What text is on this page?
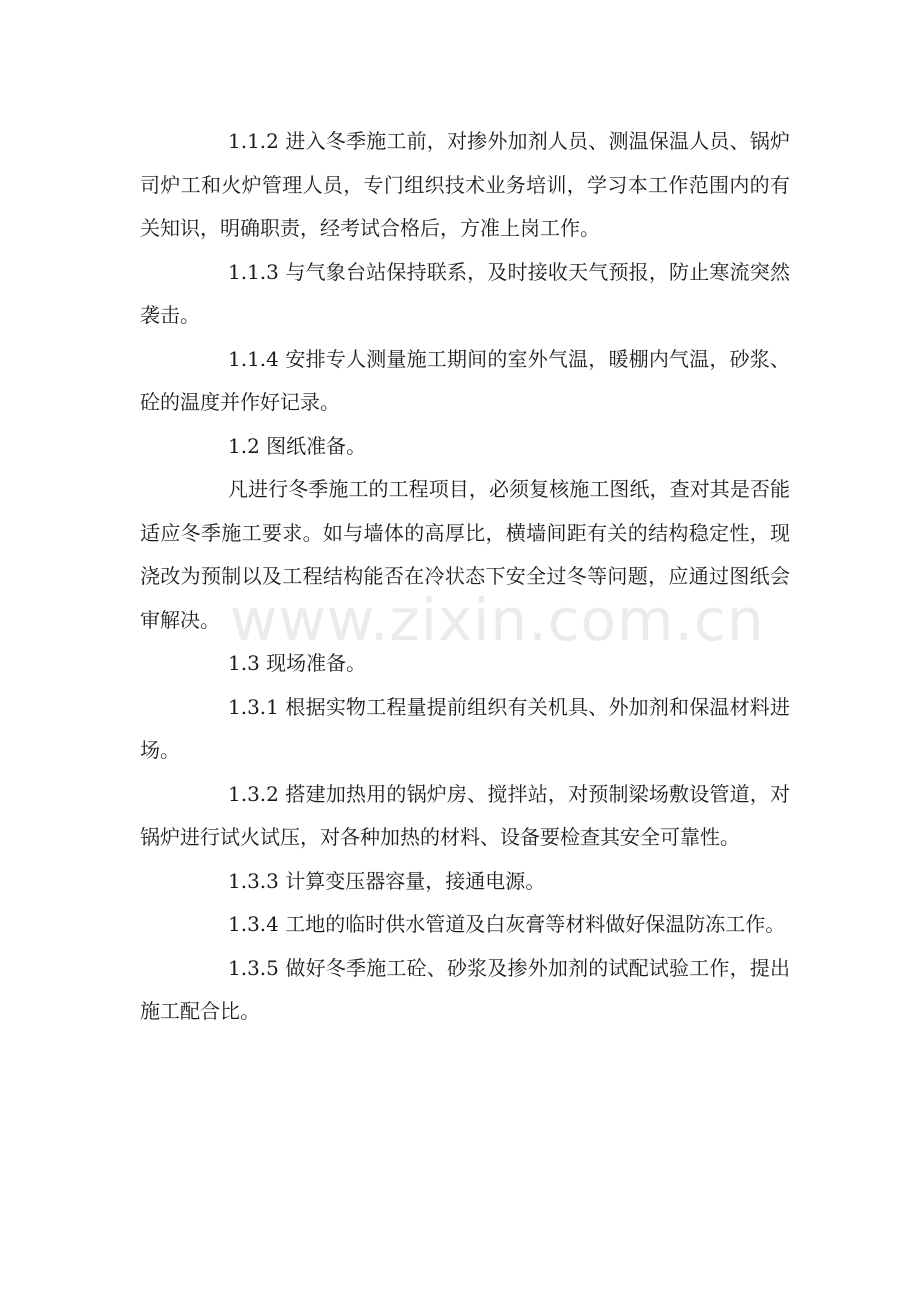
1.1.2 进入冬季施工前，对掺外加剂人员、测温保温人员、锅炉司炉工和火炉管理人员，专门组织技术业务培训，学习本工作范围内的有关知识，明确职责，经考试合格后，方准上岗工作。

1.1.3 与气象台站保持联系，及时接收天气预报，防止寒流突然袭击。

1.1.4 安排专人测量施工期间的室外气温，暖棚内气温，砂浆、砼的温度并作好记录。

1.2 图纸准备。

凡进行冬季施工的工程项目，必须复核施工图纸，查对其是否能适应冬季施工要求。如与墙体的高厚比，横墙间距有关的结构稳定性，现浇改为预制以及工程结构能否在冷状态下安全过冬等问题，应通过图纸会审解决。

1.3 现场准备。

1.3.1 根据实物工程量提前组织有关机具、外加剂和保温材料进场。

1.3.2 搭建加热用的锅炉房、搅拌站，对预制梁场敷设管道，对锅炉进行试火试压，对各种加热的材料、设备要检查其安全可靠性。

1.3.3 计算变压器容量，接通电源。

1.3.4 工地的临时供水管道及白灰膏等材料做好保温防冻工作。

1.3.5 做好冬季施工砼、砂浆及掺外加剂的试配试验工作，提出施工配合比。

www.zixin.com.cn
